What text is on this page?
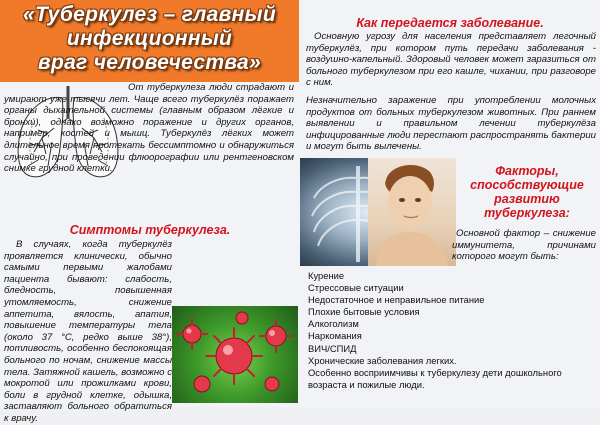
«Туберкулез – главный
инфекционный
враг человечества»

От туберкулеза люди страдают и умирают уже тысячи лет. Чаще всего туберкулёз поражает органы дыхательной системы (главным образом лёгкие и бронхи), однако возможно поражение и других органов, например, костей и мышц. Туберкулёз лёгких может длительное время протекать бессимптомно и обнаружиться случайно, при проведении флюорографии или рентгеновском снимке грудной клетки.

Симптомы туберкулеза.

В случаях, когда туберкулёз проявляется клинически, обычно самыми первыми жалобами пациента бывают: слабость, бледность, повышенная утомляемость, снижение аппетита, вялость, апатия, повышение температуры тела (около 37 °С, редко выше 38°), потливость, особенно беспокоящая больного по ночам, снижение массы тела. Затяжной кашель, возможно с мокротой или прожилками крови, боли в грудной клетке, одышка, заставляют больного обратиться к врачу.

Как передается заболевание.

Основную угрозу для населения представляет легочный туберкулёз, при котором путь передачи заболевания - воздушно-капельный. Здоровый человек может заразиться от больного туберкулезом при его кашле, чихании, при разговоре с ним.

Незначительно заражение при употреблении молочных продуктов от больных туберкулезом животных. При раннем выявлении и правильном лечении туберкулёза инфицированные люди перестают распространять бактерии и могут быть вылечены.

Факторы,
способствующие
развитию
туберкулеза:

Основной фактор – снижение иммунитета, причинами которого могут быть:

Курение
Стрессовые ситуации
Недостаточное и неправильное питание
Плохие бытовые условия
Алкоголизм
Наркомания
ВИЧ/СПИД
Хронические заболевания легких.
Особенно восприимчивы к туберкулезу дети дошкольного возраста и пожилые люди.
